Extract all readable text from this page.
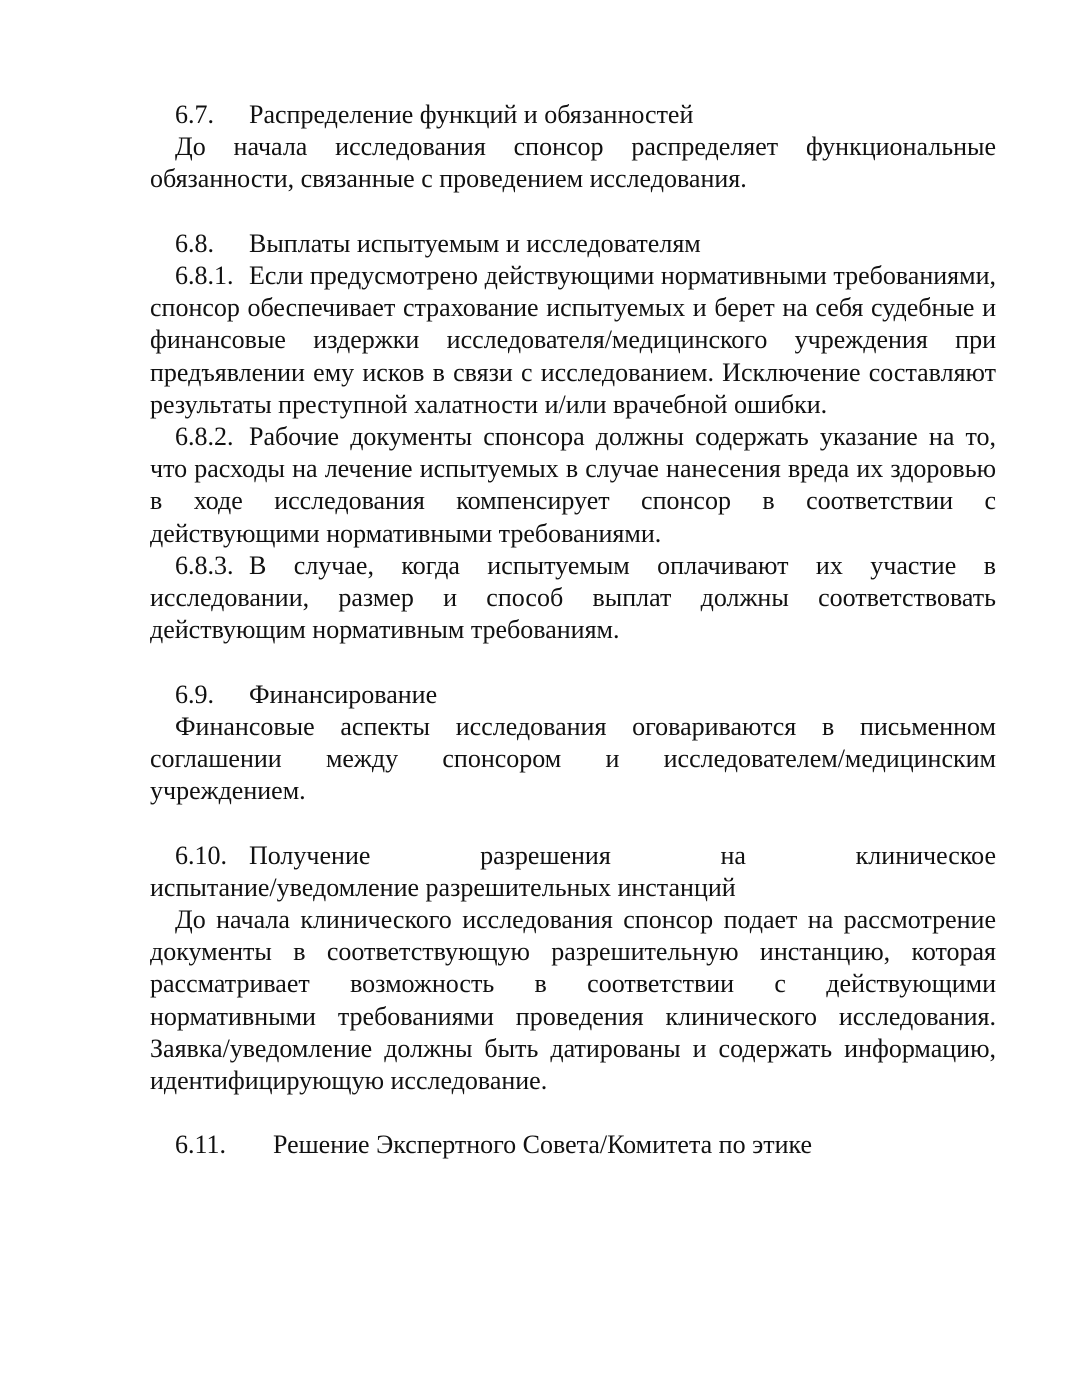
6.7. Распределение функций и обязанностей
До начала исследования спонсор распределяет функциональные обязанности, связанные с проведением исследования.
6.8. Выплаты испытуемым и исследователям
6.8.1. Если предусмотрено действующими нормативными требованиями, спонсор обеспечивает страхование испытуемых и берет на себя судебные и финансовые издержки исследователя/медицинского учреждения при предъявлении ему исков в связи с исследованием. Исключение составляют результаты преступной халатности и/или врачебной ошибки.
6.8.2. Рабочие документы спонсора должны содержать указание на то, что расходы на лечение испытуемых в случае нанесения вреда их здоровью в ходе исследования компенсирует спонсор в соответствии с действующими нормативными требованиями.
6.8.3. В случае, когда испытуемым оплачивают их участие в исследовании, размер и способ выплат должны соответствовать действующим нормативным требованиям.
6.9. Финансирование
Финансовые аспекты исследования оговариваются в письменном соглашении между спонсором и исследователем/медицинским учреждением.
6.10. Получение разрешения на клиническое
испытание/уведомление разрешительных инстанций
До начала клинического исследования спонсор подает на рассмотрение документы в соответствующую разрешительную инстанцию, которая рассматривает возможность в соответствии с действующими нормативными требованиями проведения клинического исследования. Заявка/уведомление должны быть датированы и содержать информацию, идентифицирующую исследование.
6.11. Решение Экспертного Совета/Комитета по этике
